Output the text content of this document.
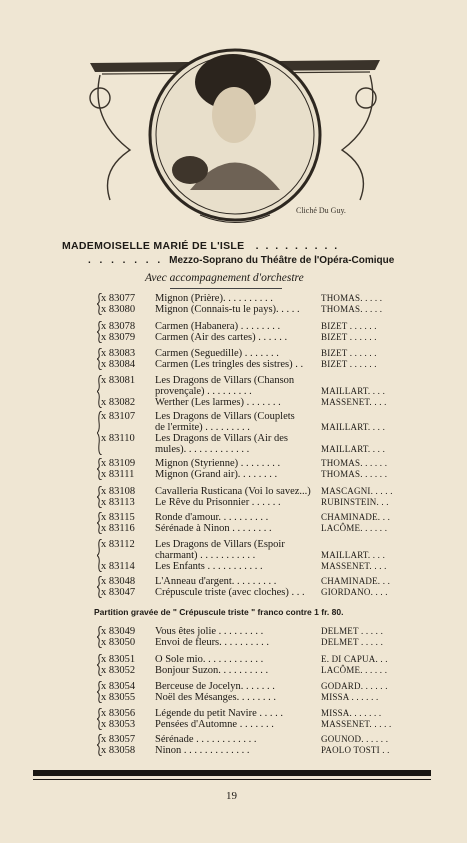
Cliché Du Guy.
MADEMOISELLE MARIÉ DE L'ISLE . . . . . . . . .
. . . . . . . Mezzo-Soprano du Théâtre de l'Opéra-Comique
Avec accompagnement d'orchestre
x 83077 Mignon (Prière). . . . . . . . . .	THOMAS. . . . .
x 83080 Mignon (Connais-tu le pays). . . . . THOMAS. . . . .
x 83078 Carmen (Habanera) . . . . . . . .	BIZET . . . . . .
x 83079 Carmen (Air des cartes) . . . . . .	BIZET . . . . . .
x 83083 Carmen (Seguedille) . . . . . . .	BIZET . . . . . .
x 83084 Carmen (Les tringles des sistres) . . BIZET . . . . . .
x 83081 Les Dragons de Villars (Chanson
provençale) . . . . . . . . .	MAILLART. . . .
x 83082 Werther (Les larmes) . . . . . . .	MASSENET. . . .
x 83107 Les Dragons de Villars (Couplets
de l'ermite) . . . . . . . . .	MAILLART. . . .
x 83110 Les Dragons de Villars (Air des
mules). . . . . . . . . . . . .	MAILLART. . . .
x 83109 Mignon (Styrienne) . . . . . . . .	THOMAS. . . . . .
x 83111 Mignon (Grand air). . . . . . . .	THOMAS. . . . . .
x 83108 Cavalleria Rusticana (Voi lo savez...) MASCAGNI. . . . .
x 83113 Le Rêve du Prisonnier . . . . . .	RUBINSTEIN. . .
x 83115 Ronde d'amour. . . . . . . . . .	CHAMINADE. . .
x 83116 Sérénade à Ninon . . . . . . . .	LACÔME. . . . . .
x 83112 Les Dragons de Villars (Espoir
charmant) . . . . . . . . . . .	MAILLART. . . .
x 83114 Les Enfants . . . . . . . . . . .	MASSENET. . . .
x 83048 L'Anneau d'argent. . . . . . . . .	CHAMINADE. . .
x 83047 Crépuscule triste (avec cloches) . . . GIORDANO. . . .
x 83049 Vous êtes jolie . . . . . . . . .	DELMET . . . . .
x 83050 Envoi de fleurs. . . . . . . . . .	DELMET . . . . .
x 83051 O Sole mio. . . . . . . . . . . .	E. DI CAPUA. . .
x 83052 Bonjour Suzon. . . . . . . . . .	LACÔME. . . . . .
x 83054 Berceuse de Jocelyn. . . . . . .	GODARD. . . . . .
x 83055 Noël des Mésanges. . . . . . . .	MISSA . . . . . .
x 83056 Légende du petit Navire . . . . .	MISSA. . . . . . .
x 83053 Pensées d'Automne . . . . . . .	MASSENET. . . . .
x 83057 Sérénade . . . . . . . . . . . .	GOUNOD. . . . . .
x 83058 Ninon . . . . . . . . . . . . .	PAOLO TOSTI . .
Partition gravée de " Crépuscule triste " franco contre 1 fr. 80.
19
